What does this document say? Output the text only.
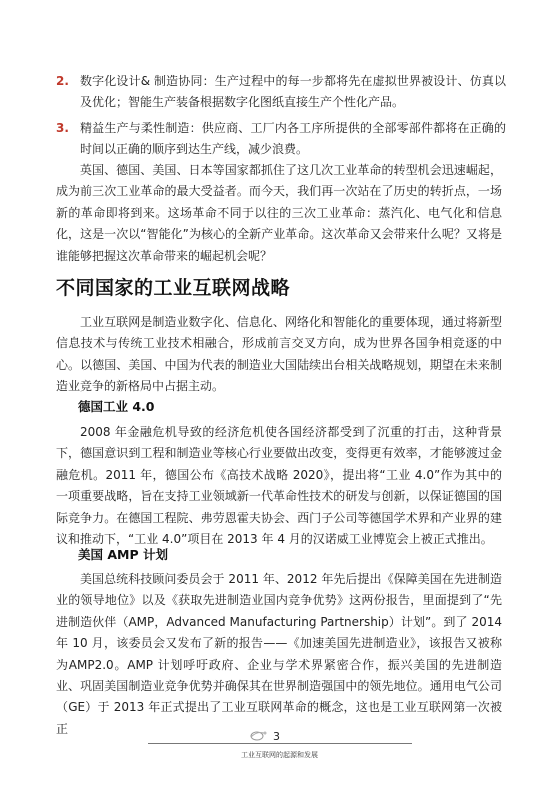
2. 数字化设计& 制造协同：生产过程中的每一步都将先在虚拟世界被设计、仿真以及优化；智能生产装备根据数字化图纸直接生产个性化产品。
3. 精益生产与柔性制造：供应商、工厂内各工序所提供的全部零部件都将在正确的时间以正确的顺序到达生产线，减少浪费。
英国、德国、美国、日本等国家都抓住了这几次工业革命的转型机会迅速崛起，成为前三次工业革命的最大受益者。而今天，我们再一次站在了历史的转折点，一场新的革命即将到来。这场革命不同于以往的三次工业革命：蒸汽化、电气化和信息化，这是一次以“智能化”为核心的全新产业革命。这次革命又会带来什么呢？又将是谁能够把握这次革命带来的崛起机会呢？
不同国家的工业互联网战略
工业互联网是制造业数字化、信息化、网络化和智能化的重要体现，通过将新型信息技术与传统工业技术相融合，形成前言交叉方向，成为世界各国争相竞逐的中心。以德国、美国、中国为代表的制造业大国陆续出台相关战略规划，期望在未来制造业竞争的新格局中占据主动。
德国工业 4.0
2008 年金融危机导致的经济危机使各国经济都受到了沉重的打击，这种背景下，德国意识到工程和制造业等核心行业要做出改变，变得更有效率，才能够渡过金融危机。2011 年，德国公布《高技术战略 2020》，提出将“工业 4.0”作为其中的一项重要战略，旨在支持工业领域新一代革命性技术的研发与创新，以保证德国的国际竞争力。在德国工程院、弗劳恩霍夫协会、西门子公司等德国学术界和产业界的建议和推动下，“工业 4.0”项目在 2013 年 4 月的汉诺威工业博览会上被正式推出。
美国 AMP 计划
美国总统科技顾问委员会于 2011 年、2012 年先后提出《保障美国在先进制造业的领导地位》以及《获取先进制造业国内竞争优势》这两份报告，里面提到了“先进制造伙伴（AMP，Advanced Manufacturing Partnership）计划”。到了 2014 年 10 月，该委员会又发布了新的报告——《加速美国先进制造业》，该报告又被称为AMP2.0。AMP 计划呼吁政府、企业与学术界紧密合作，振兴美国的先进制造业、巩固美国制造业竞争优势并确保其在世界制造强国中的领先地位。通用电气公司（GE）于 2013 年正式提出了工业互联网革命的概念，这也是工业互联网第一次被正
3
工业互联网的起源和发展
